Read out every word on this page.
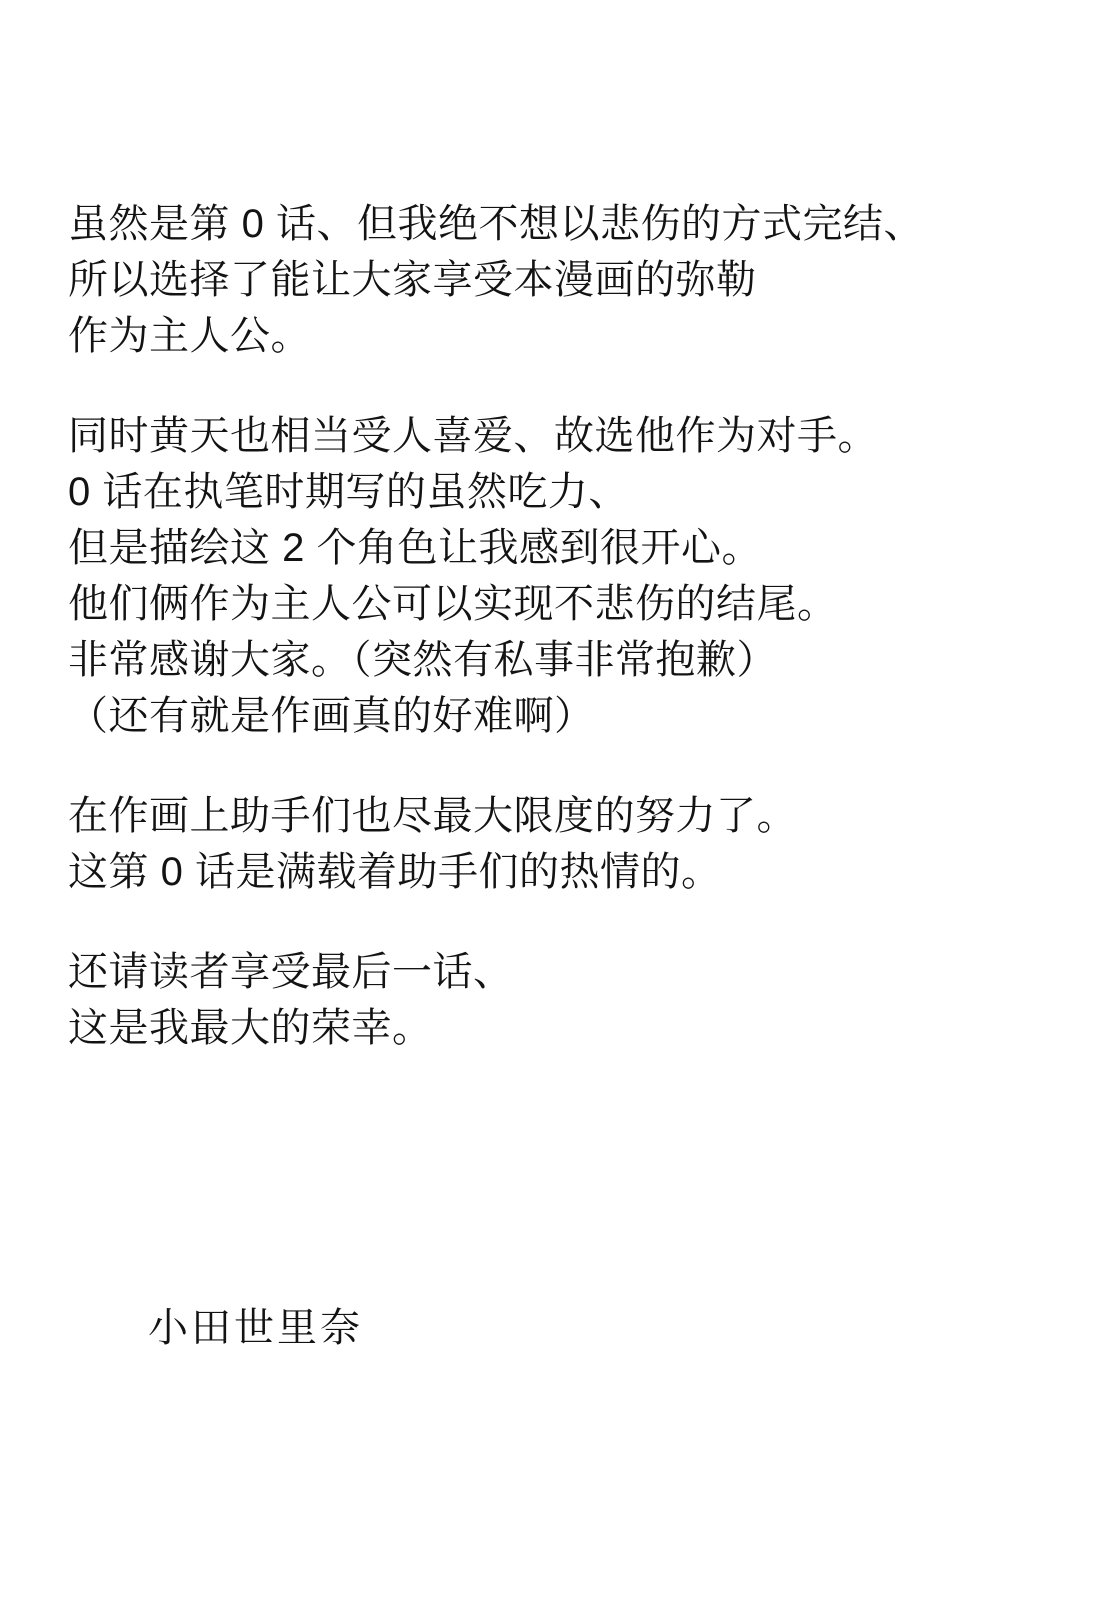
虽然是第 0 话、但我绝不想以悲伤的方式完结、
所以选择了能让大家享受本漫画的弥勒
作为主人公。
同时黄天也相当受人喜爱、故选他作为对手。
0 话在执笔时期写的虽然吃力、
但是描绘这 2 个角色让我感到很开心。
他们俩作为主人公可以实现不悲伤的结尾。
非常感谢大家。（突然有私事非常抱歉）
（还有就是作画真的好难啊）
在作画上助手们也尽最大限度的努力了。
这第 0 话是满载着助手们的热情的。
还请读者享受最后一话、
这是我最大的荣幸。
小田世里奈
